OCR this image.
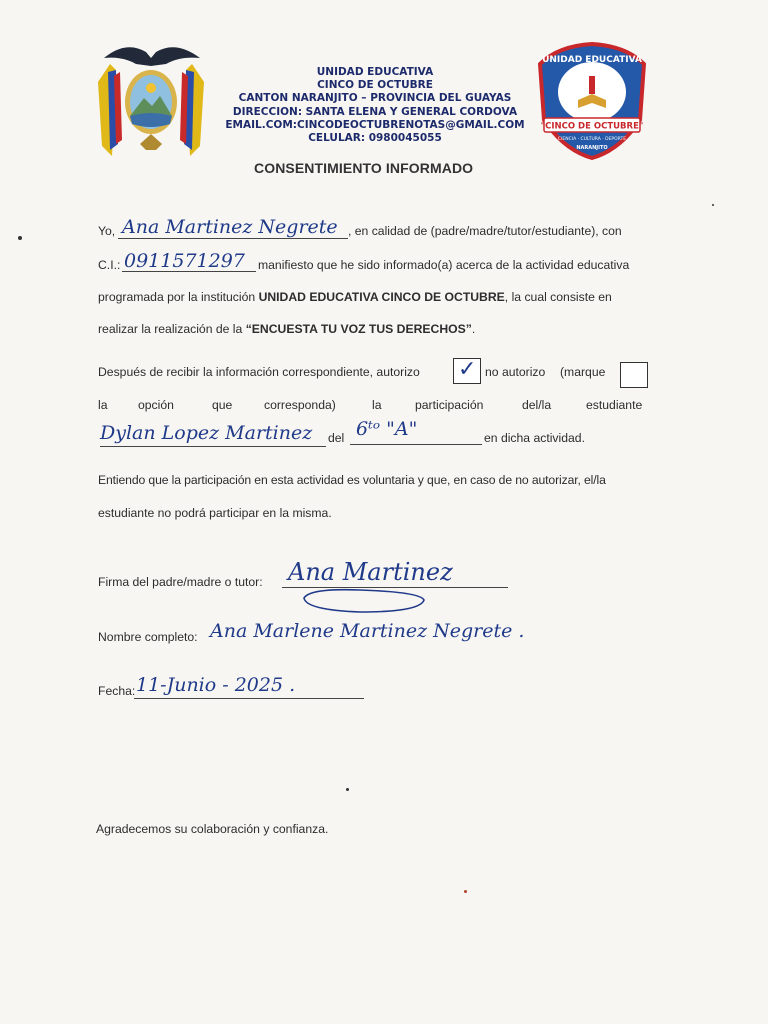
UNIDAD EDUCATIVA
CINCO DE OCTUBRE
CANTON NARANJITO – PROVINCIA DEL GUAYAS
DIRECCION: SANTA ELENA Y GENERAL CORDOVA
EMAIL.COM:CINCODEOCTUBRENOTAS@GMAIL.COM
CELULAR: 0980045055
UNIDAD EDUCATIVA
"CINCO DE OCTUBRE"
CIENCIA · CULTURA · DEPORTE
NARANJITO
CONSENTIMIENTO INFORMADO
Yo, Ana Martinez Negrete , en calidad de (padre/madre/tutor/estudiante), con
C.I.: 0911571297 manifiesto que he sido informado(a) acerca de la actividad educativa
programada por la institución UNIDAD EDUCATIVA CINCO DE OCTUBRE, la cual consiste en
realizar la realización de la “ENCUESTA TU VOZ TUS DERECHOS”.
Después de recibir la información correspondiente, autorizo ✓ no autorizo (marque
la	opción	que	corresponda)	la	participación	del/la	estudiante
Dylan Lopez Martinez del 6ᵗᵒ "A"	en dicha actividad.
Entiendo que la participación en esta actividad es voluntaria y que, en caso de no autorizar, el/la
estudiante no podrá participar en la misma.
Firma del padre/madre o tutor: Ana Martinez
Nombre completo: Ana Marlene Martinez Negrete .
Fecha: 11-Junio - 2025 .
Agradecemos su colaboración y confianza.
